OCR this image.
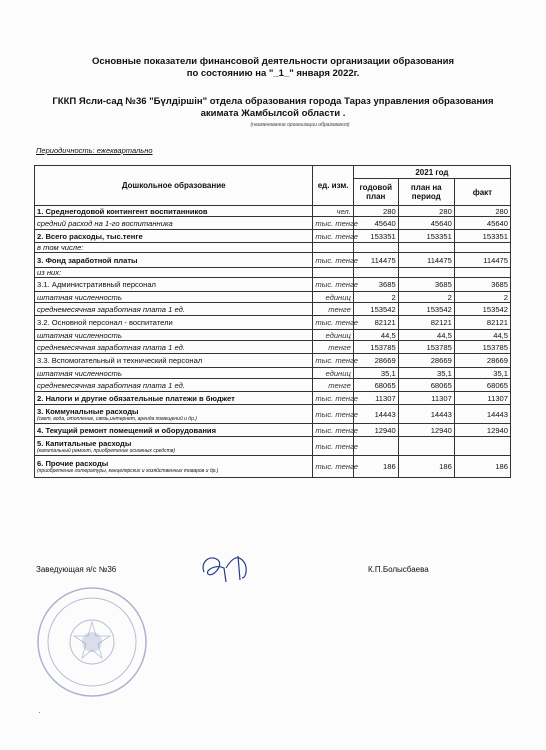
Основные показатели финансовой деятельности организации образования
по состоянию на "_1_" января 2022г.
ГККП Ясли-сад №36 "Бүлдіршін" отдела образования города Тараз управления образования
акимата Жамбылсой области .
(наименование организации образования)
Периодичность: ежеквартально
Дошкольное образование	ед. изм.	2021 год		
		годовой план	план на период	факт
1. Среднегодовой контингент воспитанников	чел.	280	280	280
средний расход на 1-го воспитанника	тыс. тенге	45640	45640	45640
2. Всего расходы, тыс.тенге	тыс. тенге	153351	153351	153351
в том числе:				
3. Фонд заработной платы	тыс. тенге	114475	114475	114475
из них:				
3.1. Административный персонал	тыс. тенге	3685	3685	3685
штатная численность	единиц	2	2	2
среднемесячная заработная плата 1 ед.	тенге	153542	153542	153542
3.2. Основной персонал - воспитатели	тыс. тенге	82121	82121	82121
штатная численность	единиц	44,5	44,5	44,5
среднемесячная заработная плата 1 ед.	тенге	153785	153785	153785
3.3. Вспомогательный и технический персонал	тыс. тенге	28669	28669	28669
штатная численность	единиц	35,1	35,1	35,1
среднемесячная заработная плата 1 ед.	тенге	68065	68065	68065
2. Налоги и другие обязательные платежи в бюджет	тыс. тенге	11307	11307	11307
3. Коммунальные расходы
(свет, вода, отопление, связь,интернет, арендa помещений и др.)	тыс. тенге	14443	14443	14443
4. Текущий ремонт помещений и оборудования	тыс. тенге	12940	12940	12940
5. Капитальные расходы
(капитальный ремонт, приобретение основных средств)	тыс. тенге			
6. Прочие расходы
(приобретение литературы, канцелярских и хозяйственных товаров и др.)	тыс. тенге	186	186	186
Заведующая я/с №36	К.П.Болысбаева
·
